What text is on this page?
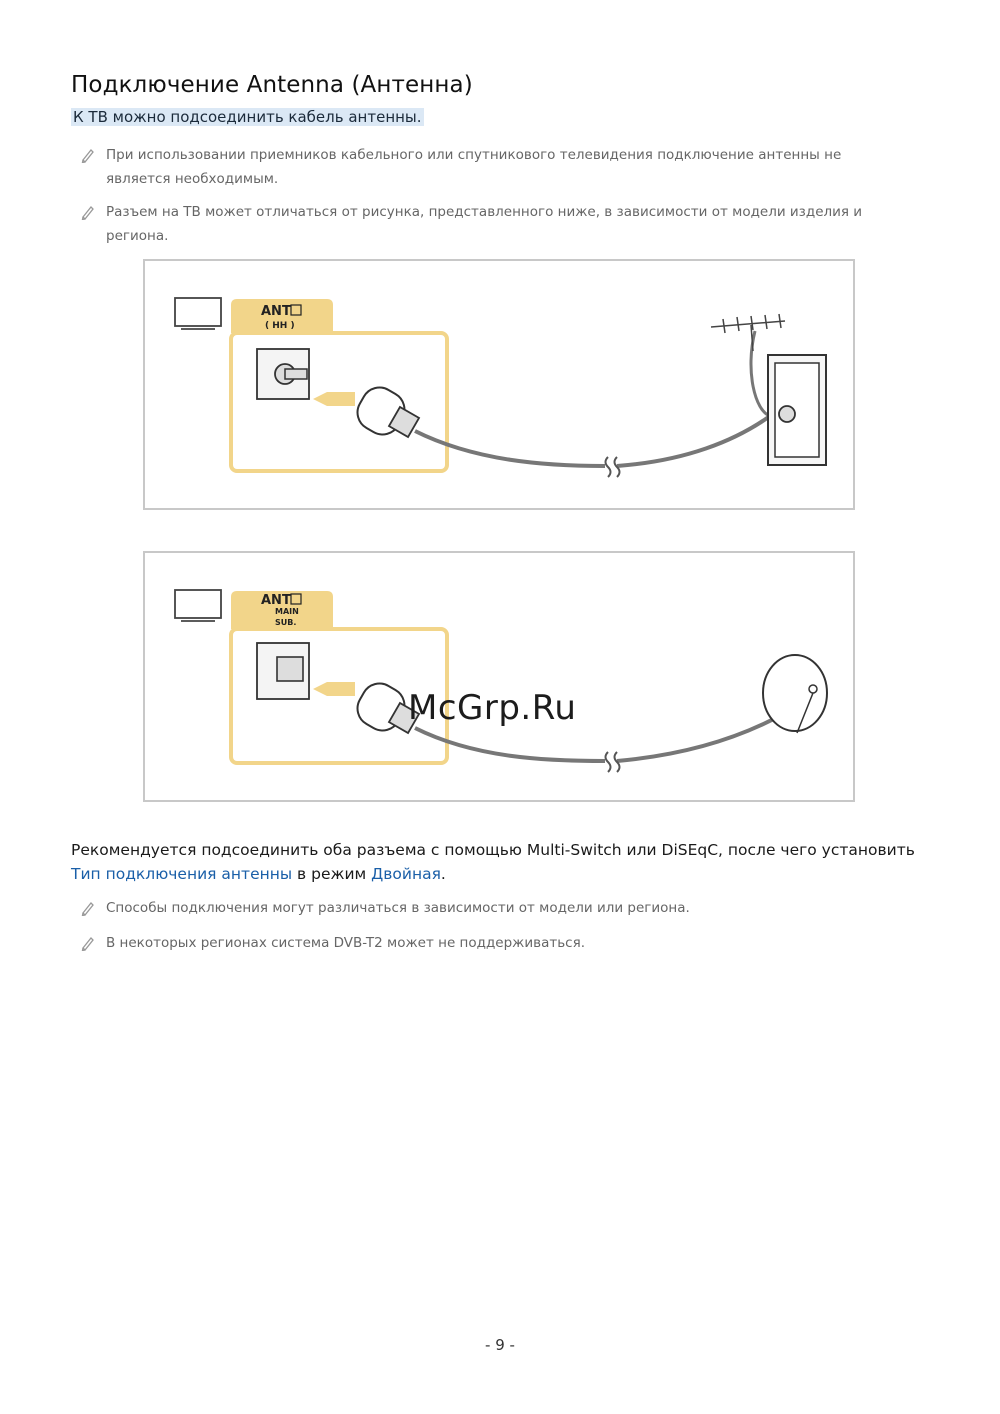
Подключение Antenna (Антенна)
К ТВ можно подсоединить кабель антенны.
При использовании приемников кабельного или спутникового телевидения подключение антенны не является необходимым.
Разъем на ТВ может отличаться от рисунка, представленного ниже, в зависимости от модели изделия и региона.
ANT
( HH )
ANT
MAIN
SUB.
McGrp.Ru
Рекомендуется подсоединить оба разъема с помощью Multi-Switch или DiSEqC, после чего установить Тип подключения антенны в режим Двойная.
Способы подключения могут различаться в зависимости от модели или региона.
В некоторых регионах система DVB-T2 может не поддерживаться.
- 9 -
